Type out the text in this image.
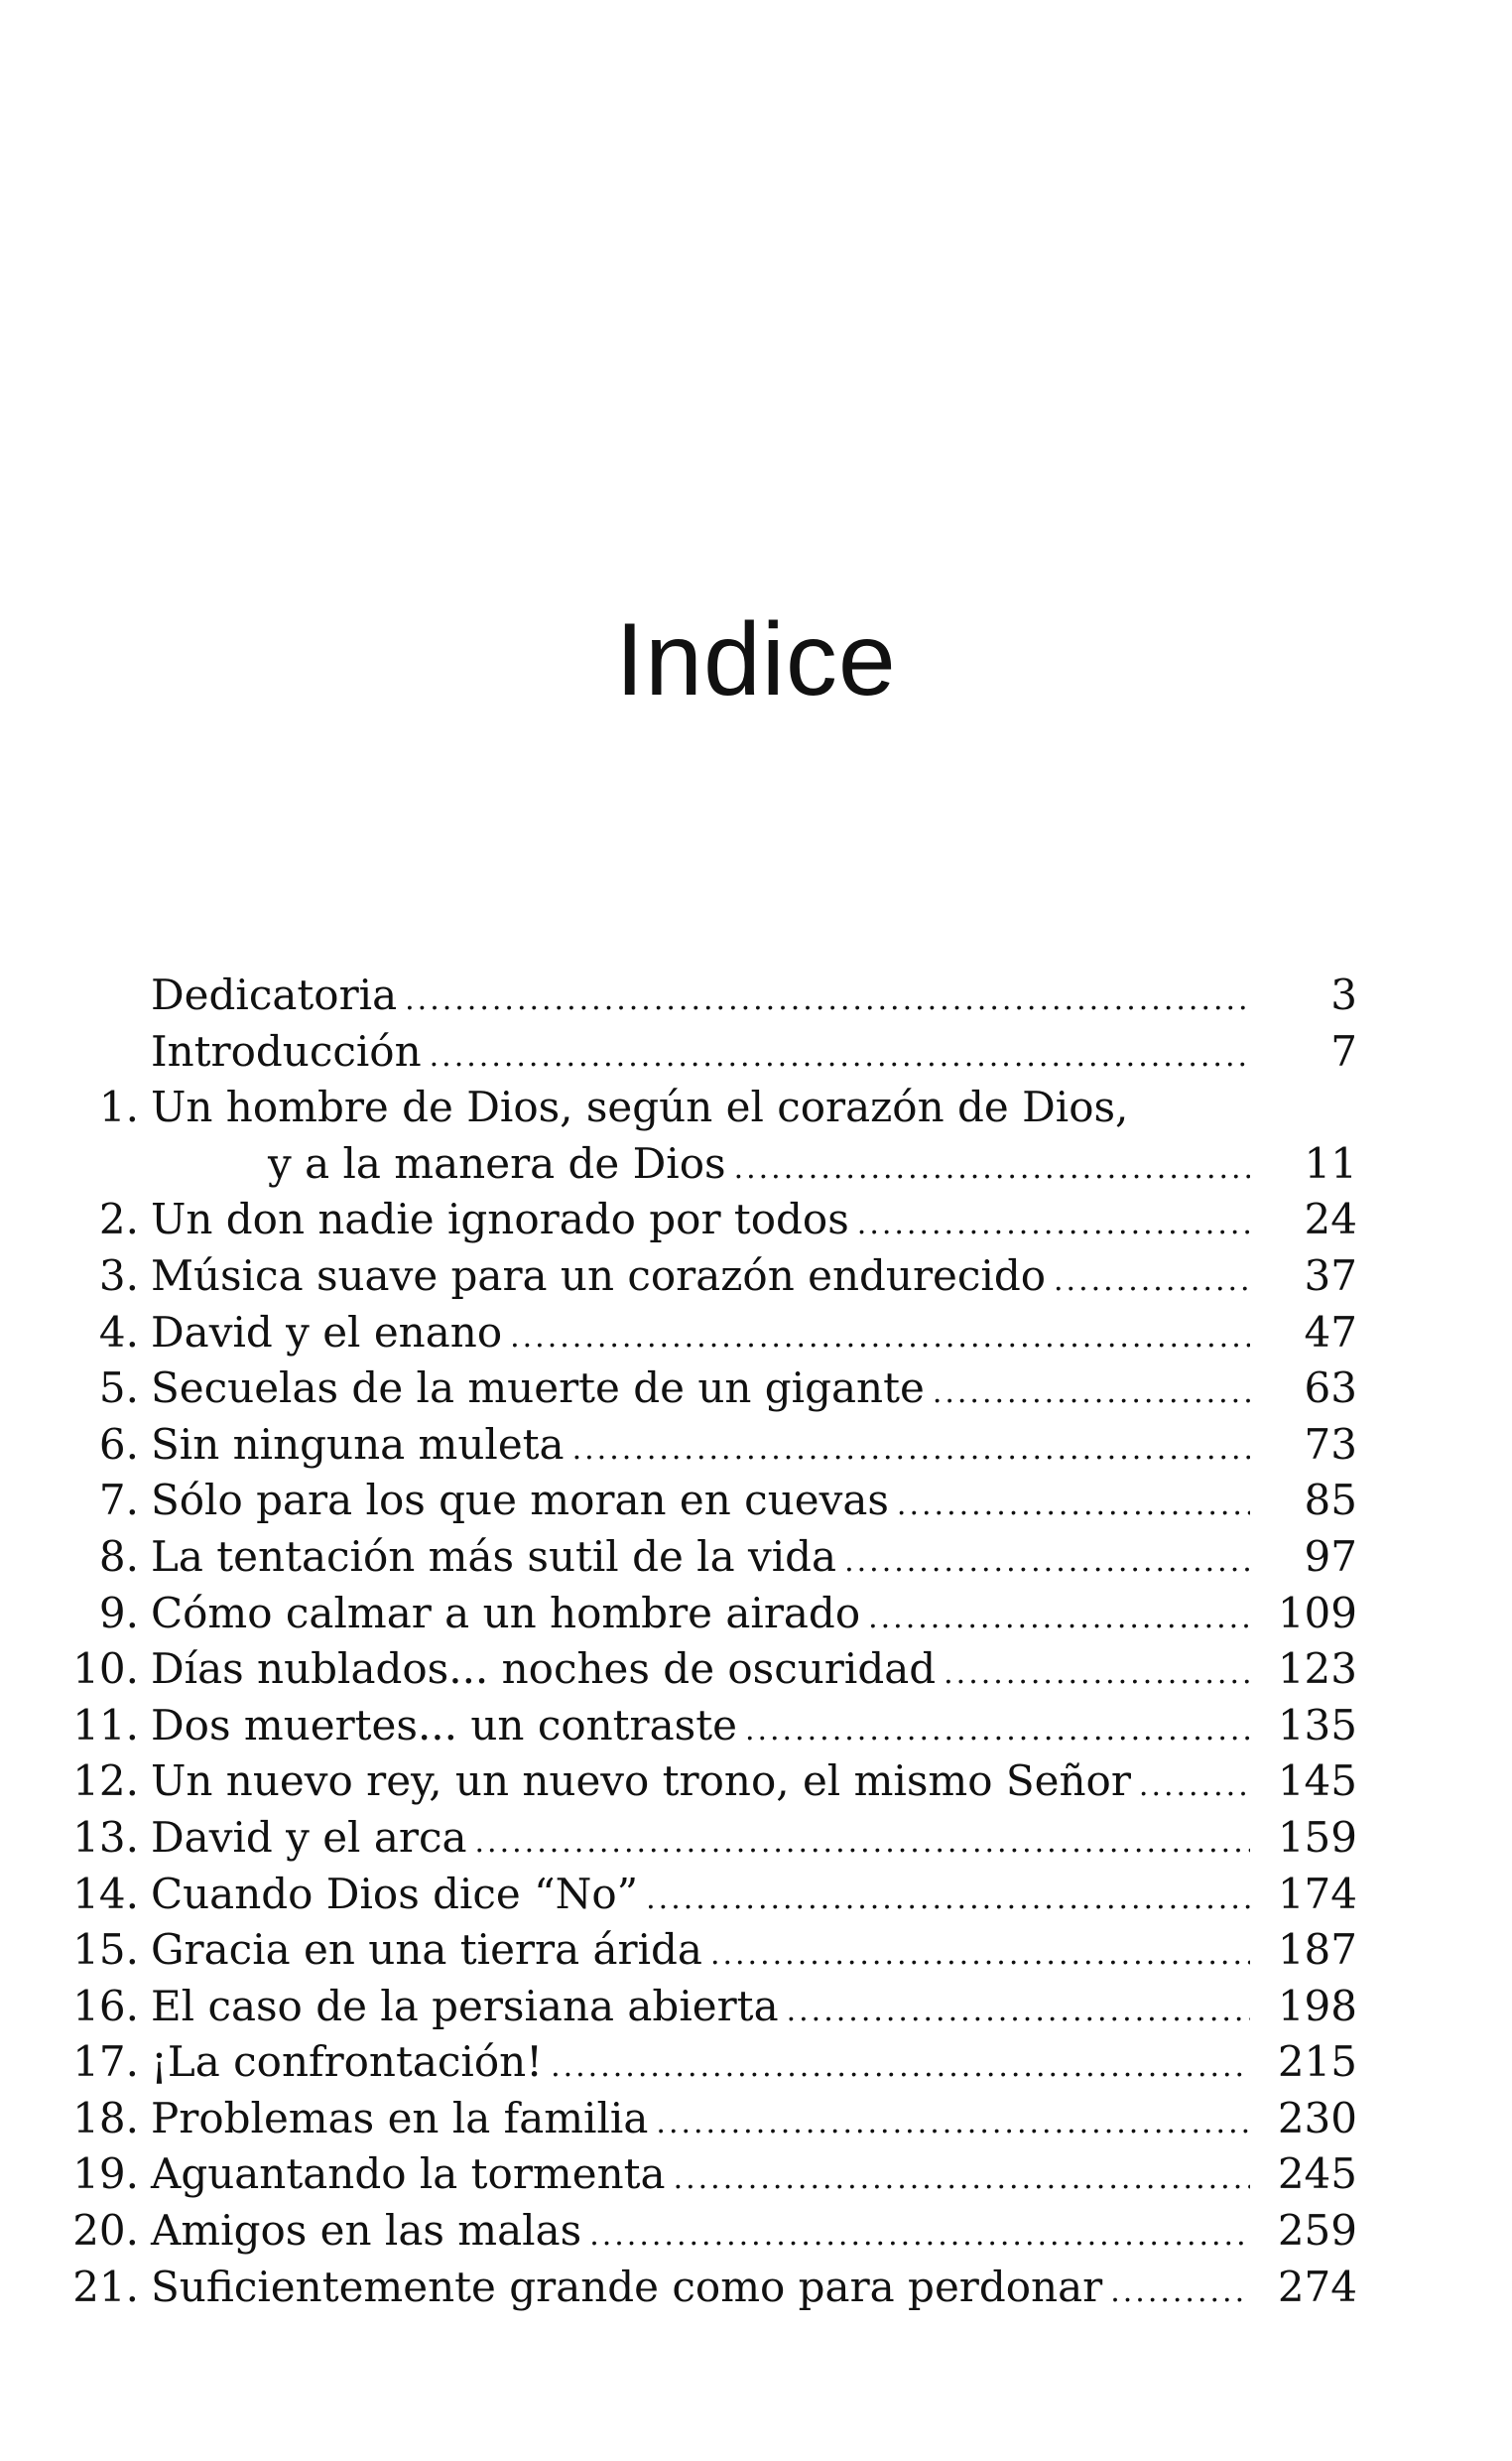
Indice
Dedicatoria .....	3
Introducción .....	7
1. Un hombre de Dios, según el corazón de Dios,
y a la manera de Dios .....	11
2. Un don nadie ignorado por todos .....	24
3. Música suave para un corazón endurecido .....	37
4. David y el enano .....	47
5. Secuelas de la muerte de un gigante .....	63
6. Sin ninguna muleta .....	73
7. Sólo para los que moran en cuevas .....	85
8. La tentación más sutil de la vida .....	97
9. Cómo calmar a un hombre airado .....	109
10. Días nublados... noches de oscuridad .....	123
11. Dos muertes... un contraste .....	135
12. Un nuevo rey, un nuevo trono, el mismo Señor .....	145
13. David y el arca .....	159
14. Cuando Dios dice “No” .....	174
15. Gracia en una tierra árida .....	187
16. El caso de la persiana abierta .....	198
17. ¡La confrontación! .....	215
18. Problemas en la familia .....	230
19. Aguantando la tormenta .....	245
20. Amigos en las malas .....	259
21. Suficientemente grande como para perdonar .....	274
